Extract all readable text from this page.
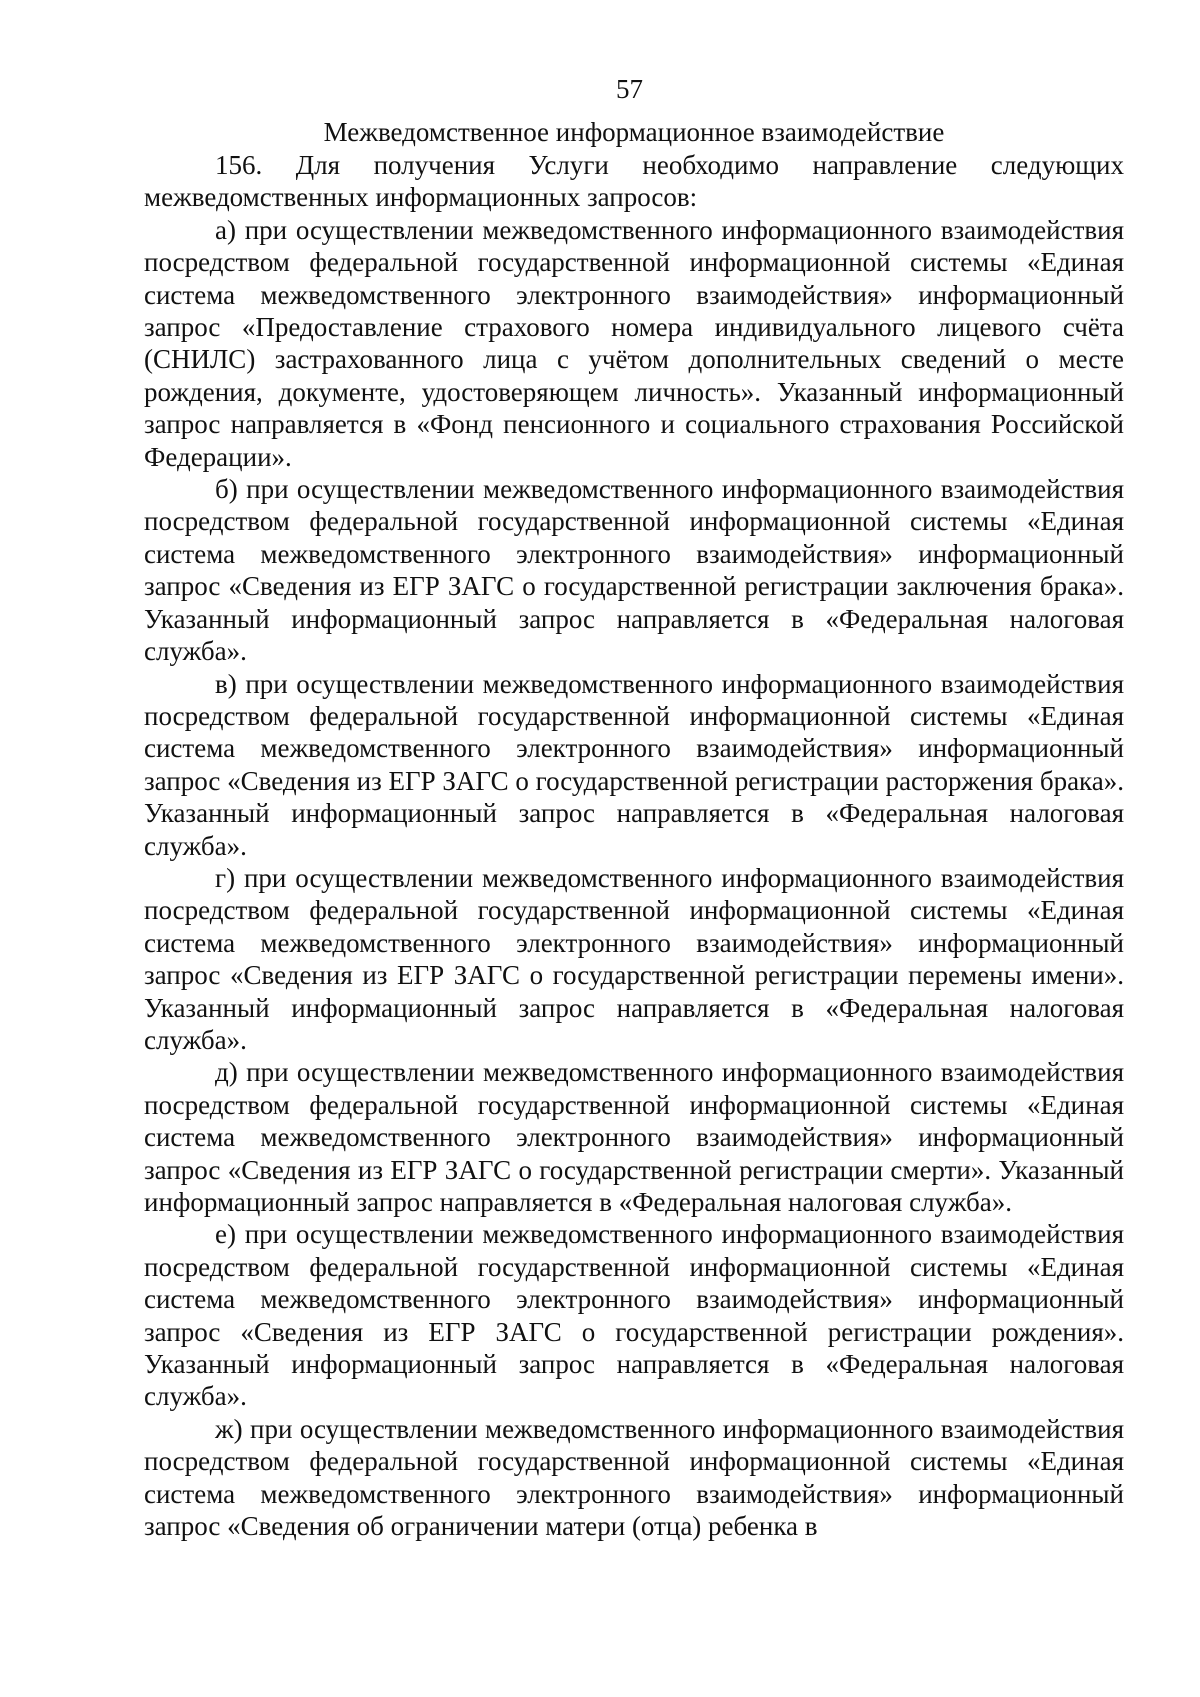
57
Межведомственное информационное взаимодействие

156. Для получения Услуги необходимо направление следующих межведомственных информационных запросов:

а) при осуществлении межведомственного информационного взаимодействия посредством федеральной государственной информационной системы «Единая система межведомственного электронного взаимодействия» информационный запрос «Предоставление страхового номера индивидуального лицевого счёта (СНИЛС) застрахованного лица с учётом дополнительных сведений о месте рождения, документе, удостоверяющем личность». Указанный информационный запрос направляется в «Фонд пенсионного и социального страхования Российской Федерации».

б) при осуществлении межведомственного информационного взаимодействия посредством федеральной государственной информационной системы «Единая система межведомственного электронного взаимодействия» информационный запрос «Сведения из ЕГР ЗАГС о государственной регистрации заключения брака». Указанный информационный запрос направляется в «Федеральная налоговая служба».

в) при осуществлении межведомственного информационного взаимодействия посредством федеральной государственной информационной системы «Единая система межведомственного электронного взаимодействия» информационный запрос «Сведения из ЕГР ЗАГС о государственной регистрации расторжения брака». Указанный информационный запрос направляется в «Федеральная налоговая служба».

г) при осуществлении межведомственного информационного взаимодействия посредством федеральной государственной информационной системы «Единая система межведомственного электронного взаимодействия» информационный запрос «Сведения из ЕГР ЗАГС о государственной регистрации перемены имени». Указанный информационный запрос направляется в «Федеральная налоговая служба».

д) при осуществлении межведомственного информационного взаимодействия посредством федеральной государственной информационной системы «Единая система межведомственного электронного взаимодействия» информационный запрос «Сведения из ЕГР ЗАГС о государственной регистрации смерти». Указанный информационный запрос направляется в «Федеральная налоговая служба».

е) при осуществлении межведомственного информационного взаимодействия посредством федеральной государственной информационной системы «Единая система межведомственного электронного взаимодействия» информационный запрос «Сведения из ЕГР ЗАГС о государственной регистрации рождения». Указанный информационный запрос направляется в «Федеральная налоговая служба».

ж) при осуществлении межведомственного информационного взаимодействия посредством федеральной государственной информационной системы «Единая система межведомственного электронного взаимодействия» информационный запрос «Сведения об ограничении матери (отца) ребенка в
